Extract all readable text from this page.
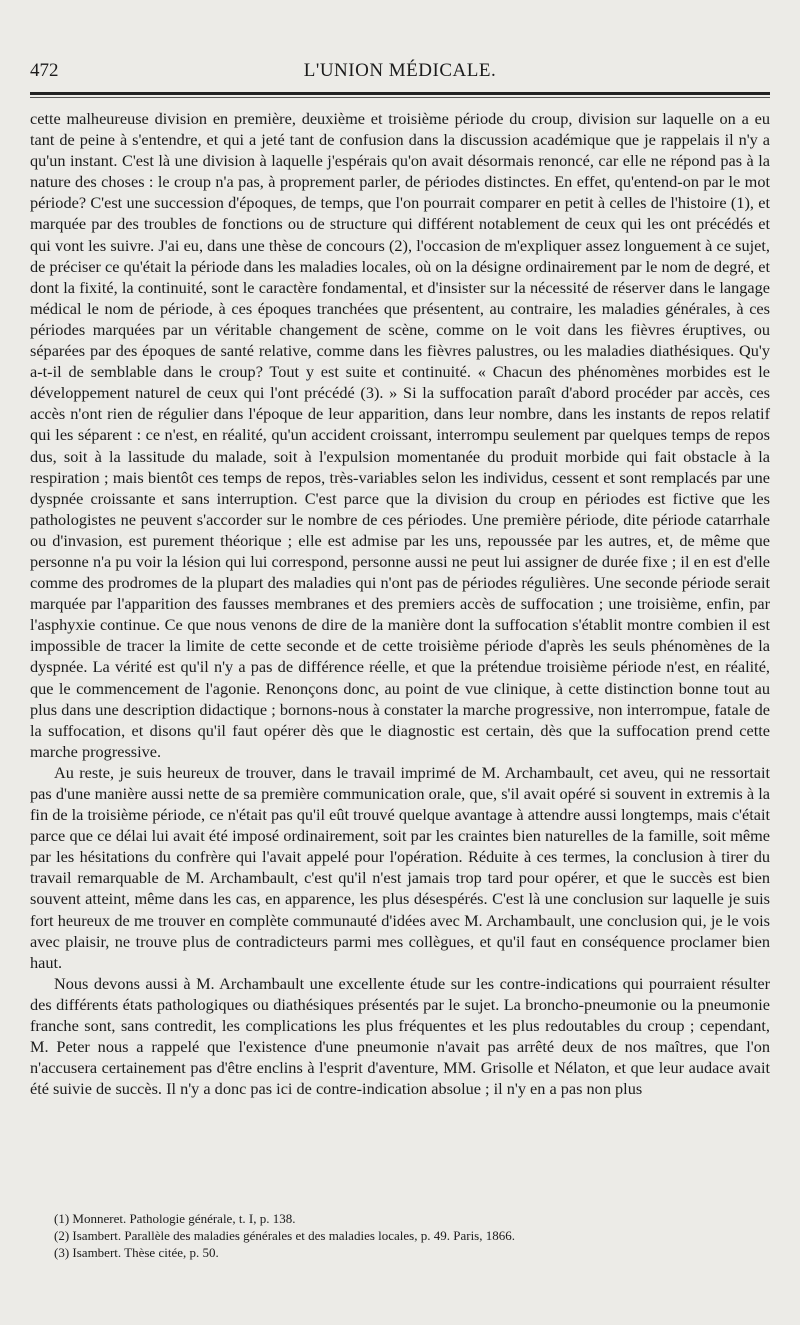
472	L'UNION MÉDICALE.

cette malheureuse division en première, deuxième et troisième période du croup, division sur laquelle on a eu tant de peine à s'entendre, et qui a jeté tant de confusion dans la discussion académique que je rappelais il n'y a qu'un instant. C'est là une division à laquelle j'espérais qu'on avait désormais renoncé, car elle ne répond pas à la nature des choses : le croup n'a pas, à proprement parler, de périodes distinctes. En effet, qu'entend-on par le mot période? C'est une succession d'époques, de temps, que l'on pourrait comparer en petit à celles de l'histoire (1), et marquée par des troubles de fonctions ou de structure qui différent notablement de ceux qui les ont précédés et qui vont les suivre. J'ai eu, dans une thèse de concours (2), l'occasion de m'expliquer assez longuement à ce sujet, de préciser ce qu'était la période dans les maladies locales, où on la désigne ordinairement par le nom de degré, et dont la fixité, la continuité, sont le caractère fondamental, et d'insister sur la nécessité de réserver dans le langage médical le nom de période, à ces époques tranchées que présentent, au contraire, les maladies générales, à ces périodes marquées par un véritable changement de scène, comme on le voit dans les fièvres éruptives, ou séparées par des époques de santé relative, comme dans les fièvres palustres, ou les maladies diathésiques. Qu'y a-t-il de semblable dans le croup? Tout y est suite et continuité. « Chacun des phénomènes morbides est le développement naturel de ceux qui l'ont précédé (3). » Si la suffocation paraît d'abord procéder par accès, ces accès n'ont rien de régulier dans l'époque de leur apparition, dans leur nombre, dans les instants de repos relatif qui les séparent : ce n'est, en réalité, qu'un accident croissant, interrompu seulement par quelques temps de repos dus, soit à la lassitude du malade, soit à l'expulsion momentanée du produit morbide qui fait obstacle à la respiration ; mais bientôt ces temps de repos, très-variables selon les individus, cessent et sont remplacés par une dyspnée croissante et sans interruption. C'est parce que la division du croup en périodes est fictive que les pathologistes ne peuvent s'accorder sur le nombre de ces périodes. Une première période, dite période catarrhale ou d'invasion, est purement théorique ; elle est admise par les uns, repoussée par les autres, et, de même que personne n'a pu voir la lésion qui lui correspond, personne aussi ne peut lui assigner de durée fixe ; il en est d'elle comme des prodromes de la plupart des maladies qui n'ont pas de périodes régulières. Une seconde période serait marquée par l'apparition des fausses membranes et des premiers accès de suffocation ; une troisième, enfin, par l'asphyxie continue. Ce que nous venons de dire de la manière dont la suffocation s'établit montre combien il est impossible de tracer la limite de cette seconde et de cette troisième période d'après les seuls phénomènes de la dyspnée. La vérité est qu'il n'y a pas de différence réelle, et que la prétendue troisième période n'est, en réalité, que le commencement de l'agonie. Renonçons donc, au point de vue clinique, à cette distinction bonne tout au plus dans une description didactique ; bornons-nous à constater la marche progressive, non interrompue, fatale de la suffocation, et disons qu'il faut opérer dès que le diagnostic est certain, dès que la suffocation prend cette marche progressive.

Au reste, je suis heureux de trouver, dans le travail imprimé de M. Archambault, cet aveu, qui ne ressortait pas d'une manière aussi nette de sa première communication orale, que, s'il avait opéré si souvent in extremis à la fin de la troisième période, ce n'était pas qu'il eût trouvé quelque avantage à attendre aussi longtemps, mais c'était parce que ce délai lui avait été imposé ordinairement, soit par les craintes bien naturelles de la famille, soit même par les hésitations du confrère qui l'avait appelé pour l'opération. Réduite à ces termes, la conclusion à tirer du travail remarquable de M. Archambault, c'est qu'il n'est jamais trop tard pour opérer, et que le succès est bien souvent atteint, même dans les cas, en apparence, les plus désespérés. C'est là une conclusion sur laquelle je suis fort heureux de me trouver en complète communauté d'idées avec M. Archambault, une conclusion qui, je le vois avec plaisir, ne trouve plus de contradicteurs parmi mes collègues, et qu'il faut en conséquence proclamer bien haut.

Nous devons aussi à M. Archambault une excellente étude sur les contre-indications qui pourraient résulter des différents états pathologiques ou diathésiques présentés par le sujet. La broncho-pneumonie ou la pneumonie franche sont, sans contredit, les complications les plus fréquentes et les plus redoutables du croup ; cependant, M. Peter nous a rappelé que l'existence d'une pneumonie n'avait pas arrêté deux de nos maîtres, que l'on n'accusera certainement pas d'être enclins à l'esprit d'aventure, MM. Grisolle et Nélaton, et que leur audace avait été suivie de succès. Il n'y a donc pas ici de contre-indication absolue ; il n'y en a pas non plus

(1) Monneret. Pathologie générale, t. I, p. 138.
(2) Isambert. Parallèle des maladies générales et des maladies locales, p. 49. Paris, 1866.
(3) Isambert. Thèse citée, p. 50.
